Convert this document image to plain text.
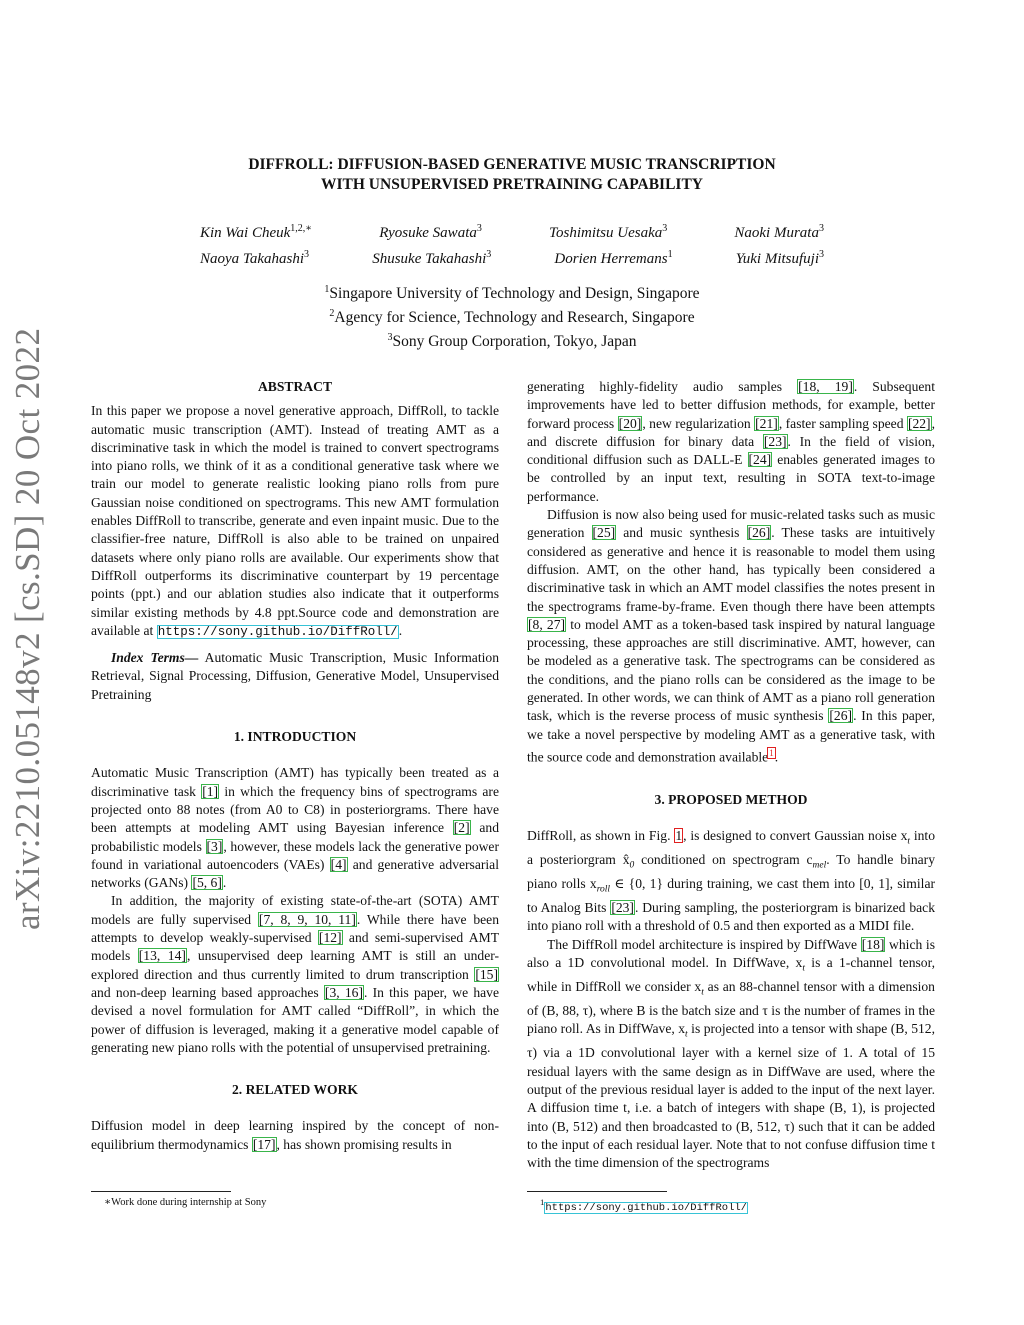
arXiv:2210.05148v2 [cs.SD] 20 Oct 2022
DIFFROLL: DIFFUSION-BASED GENERATIVE MUSIC TRANSCRIPTION
WITH UNSUPERVISED PRETRAINING CAPABILITY
Kin Wai Cheuk$^{1,2,∗}$	Ryosuke Sawata$^3$	Toshimitsu Uesaka$^3$	Naoki Murata$^3$
Naoya Takahashi$^3$	Shusuke Takahashi$^3$	Dorien Herremans$^1$	Yuki Mitsufuji$^3$
$^1$Singapore University of Technology and Design, Singapore
$^2$Agency for Science, Technology and Research, Singapore
$^3$Sony Group Corporation, Tokyo, Japan

ABSTRACT

In this paper we propose a novel generative approach, DiffRoll, to tackle automatic music transcription (AMT). Instead of treating AMT as a discriminative task in which the model is trained to convert spectrograms into piano rolls, we think of it as a conditional generative task where we train our model to generate realistic looking piano rolls from pure Gaussian noise conditioned on spectrograms. This new AMT formulation enables DiffRoll to transcribe, generate and even inpaint music. Due to the classifier-free nature, DiffRoll is also able to be trained on unpaired datasets where only piano rolls are available. Our experiments show that DiffRoll outperforms its discriminative counterpart by 19 percentage points (ppt.) and our ablation studies also indicate that it outperforms similar existing methods by 4.8 ppt.Source code and demonstration are available at https://sony.github.io/DiffRoll/.

Index Terms— Automatic Music Transcription, Music Information Retrieval, Signal Processing, Diffusion, Generative Model, Unsupervised Pretraining

1. INTRODUCTION

Automatic Music Transcription (AMT) has typically been treated as a discriminative task [1] in which the frequency bins of spectrograms are projected onto 88 notes (from A0 to C8) in posteriorgrams. There have been attempts at modeling AMT using Bayesian inference [2] and probabilistic models [3], however, these models lack the generative power found in variational autoencoders (VAEs) [4] and generative adversarial networks (GANs) [5, 6].

In addition, the majority of existing state-of-the-art (SOTA) AMT models are fully supervised [7, 8, 9, 10, 11]. While there have been attempts to develop weakly-supervised [12] and semi-supervised AMT models [13, 14], unsupervised deep learning AMT is still an under-explored direction and thus currently limited to drum transcription [15] and non-deep learning based approaches [3, 16]. In this paper, we have devised a novel formulation for AMT called “DiffRoll”, in which the power of diffusion is leveraged, making it a generative model capable of generating new piano rolls with the potential of unsupervised pretraining.

2. RELATED WORK

Diffusion model in deep learning inspired by the concept of non-equilibrium thermodynamics [17], has shown promising results in

∗Work done during internship at Sony

generating highly-fidelity audio samples [18, 19]. Subsequent improvements have led to better diffusion methods, for example, better forward process [20], new regularization [21], faster sampling speed [22], and discrete diffusion for binary data [23]. In the field of vision, conditional diffusion such as DALL-E [24] enables generated images to be controlled by an input text, resulting in SOTA text-to-image performance.

Diffusion is now also being used for music-related tasks such as music generation [25] and music synthesis [26]. These tasks are intuitively considered as generative and hence it is reasonable to model them using diffusion. AMT, on the other hand, has typically been considered a discriminative task in which an AMT model classifies the notes present in the spectrograms frame-by-frame. Even though there have been attempts [8, 27] to model AMT as a token-based task inspired by natural language processing, these approaches are still discriminative. AMT, however, can be modeled as a generative task. The spectrograms can be considered as the conditions, and the piano rolls can be considered as the image to be generated. In other words, we can think of AMT as a piano roll generation task, which is the reverse process of music synthesis [26]. In this paper, we take a novel perspective by modeling AMT as a generative task, with the source code and demonstration available$^1$.

3. PROPOSED METHOD

DiffRoll, as shown in Fig. 1, is designed to convert Gaussian noise $x_t$ into a posteriorgram $x̂_0$ conditioned on spectrogram $c_{mel}$. To handle binary piano rolls $x_{roll}$ ∈ {0, 1} during training, we cast them into [0, 1], similar to Analog Bits [23]. During sampling, the posteriorgram is binarized back into piano roll with a threshold of 0.5 and then exported as a MIDI file.

The DiffRoll model architecture is inspired by DiffWave [18] which is also a 1D convolutional model. In DiffWave, $x_t$ is a 1-channel tensor, while in DiffRoll we consider $x_t$ as an 88-channel tensor with a dimension of (B, 88, τ), where B is the batch size and τ is the number of frames in the piano roll. As in DiffWave, $x_t$ is projected into a tensor with shape (B, 512, τ) via a 1D convolutional layer with a kernel size of 1. A total of 15 residual layers with the same design as in DiffWave are used, where the output of the previous residual layer is added to the input of the next layer. A diffusion time t, i.e. a batch of integers with shape (B, 1), is projected into (B, 512) and then broadcasted to (B, 512, τ) such that it can be added to the input of each residual layer. Note that to not confuse diffusion time t with the time dimension of the spectrograms

$^1$https://sony.github.io/DiffRoll/
